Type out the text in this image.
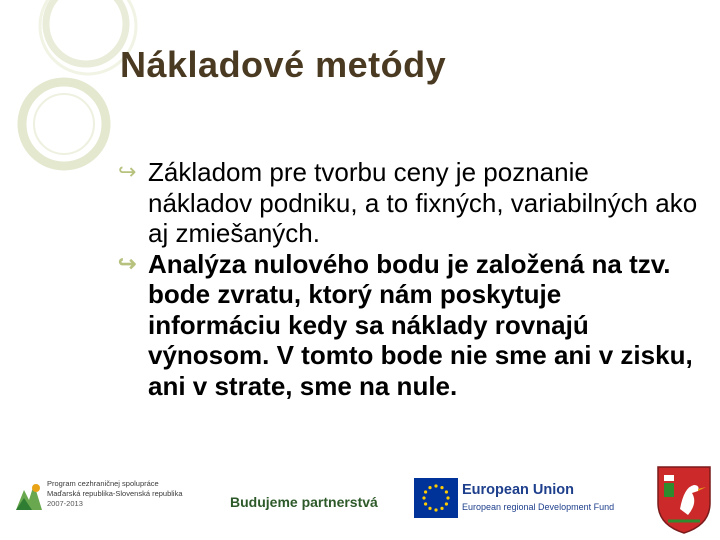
Nákladové metódy
↪ Základom pre tvorbu ceny je poznanie nákladov podniku, a to fixných, variabilných ako aj zmiešaných.
↪ Analýza nulového bodu je založená na tzv. bode zvratu, ktorý nám poskytuje informáciu kedy sa náklady rovnajú výnosom. V tomto bode nie sme ani v zisku, ani v strate, sme na nule.
Program cezhraničnej spolupráce
Maďarská republika-Slovenská republika
2007-2013	Budujeme partnerstvá
European Union
European regional Development Fund
